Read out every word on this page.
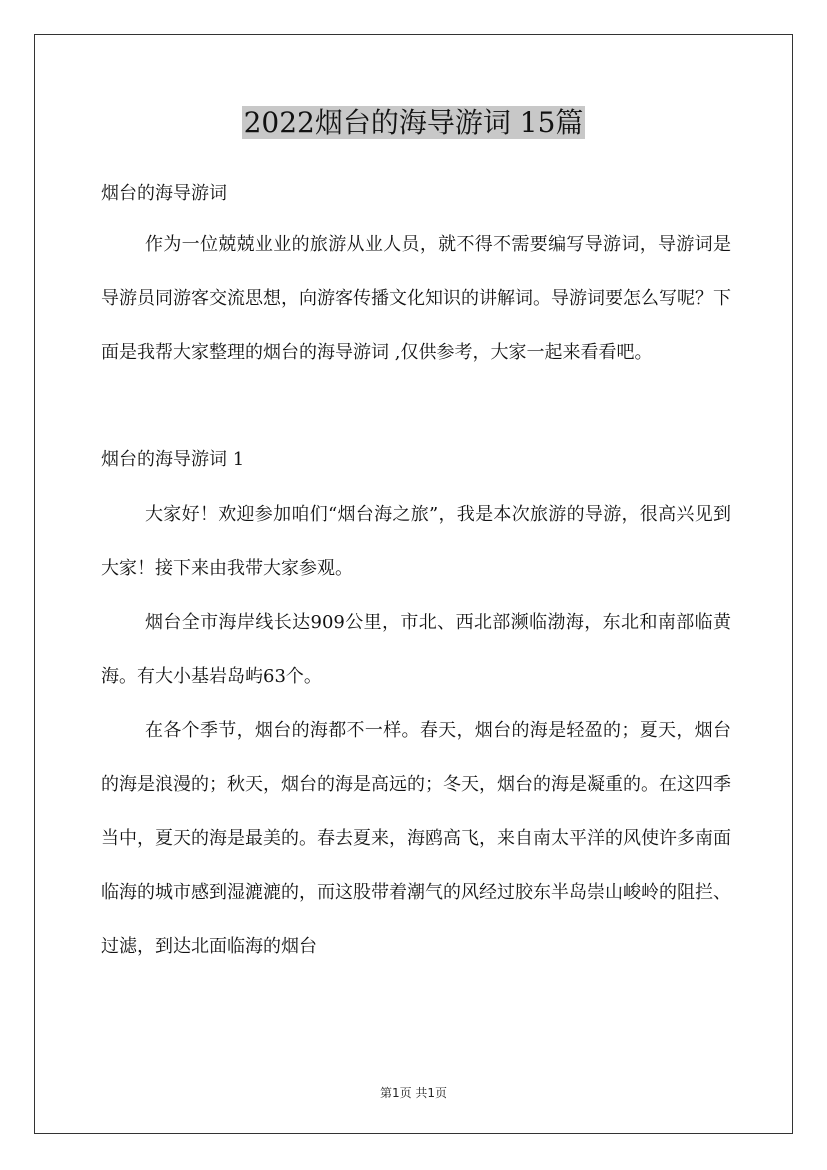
2022烟台的海导游词 15篇

烟台的海导游词

作为一位兢兢业业的旅游从业人员，就不得不需要编写导游词，导游词是导游员同游客交流思想，向游客传播文化知识的讲解词。导游词要怎么写呢？下面是我帮大家整理的烟台的海导游词 ,仅供参考，大家一起来看看吧。

烟台的海导游词 1

大家好！欢迎参加咱们“烟台海之旅”，我是本次旅游的导游，很高兴见到大家！接下来由我带大家参观。

烟台全市海岸线长达909公里，市北、西北部濒临渤海，东北和南部临黄海。有大小基岩岛屿63个。

在各个季节，烟台的海都不一样。春天，烟台的海是轻盈的；夏天，烟台的海是浪漫的；秋天，烟台的海是高远的；冬天，烟台的海是凝重的。在这四季当中，夏天的海是最美的。春去夏来，海鸥高飞，来自南太平洋的风使许多南面临海的城市感到湿漉漉的，而这股带着潮气的风经过胶东半岛崇山峻岭的阻拦、过滤，到达北面临海的烟台

第1页 共1页
